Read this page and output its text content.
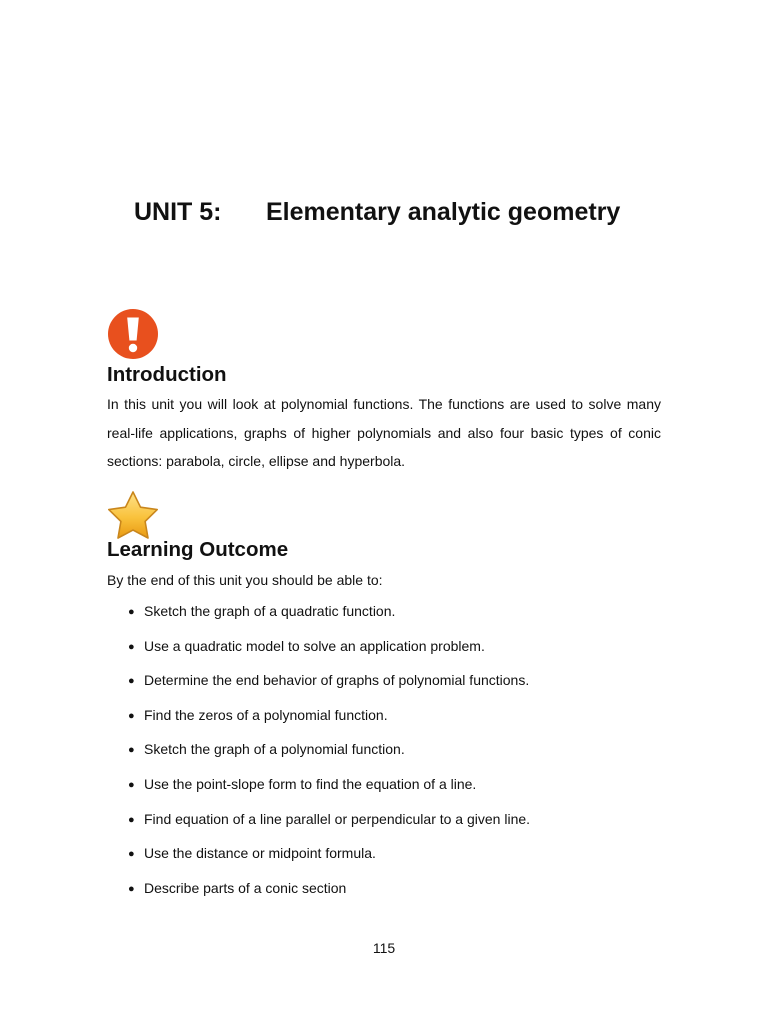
UNIT 5: Elementary analytic geometry
Introduction

In this unit you will look at polynomial functions. The functions are used to solve many real-life applications, graphs of higher polynomials and also four basic types of conic sections: parabola, circle, ellipse and hyperbola.

Learning Outcome

By the end of this unit you should be able to:

● Sketch the graph of a quadratic function.
● Use a quadratic model to solve an application problem.
● Determine the end behavior of graphs of polynomial functions.
● Find the zeros of a polynomial function.
● Sketch the graph of a polynomial function.
● Use the point-slope form to find the equation of a line.
● Find equation of a line parallel or perpendicular to a given line.
● Use the distance or midpoint formula.
● Describe parts of a conic section
115
